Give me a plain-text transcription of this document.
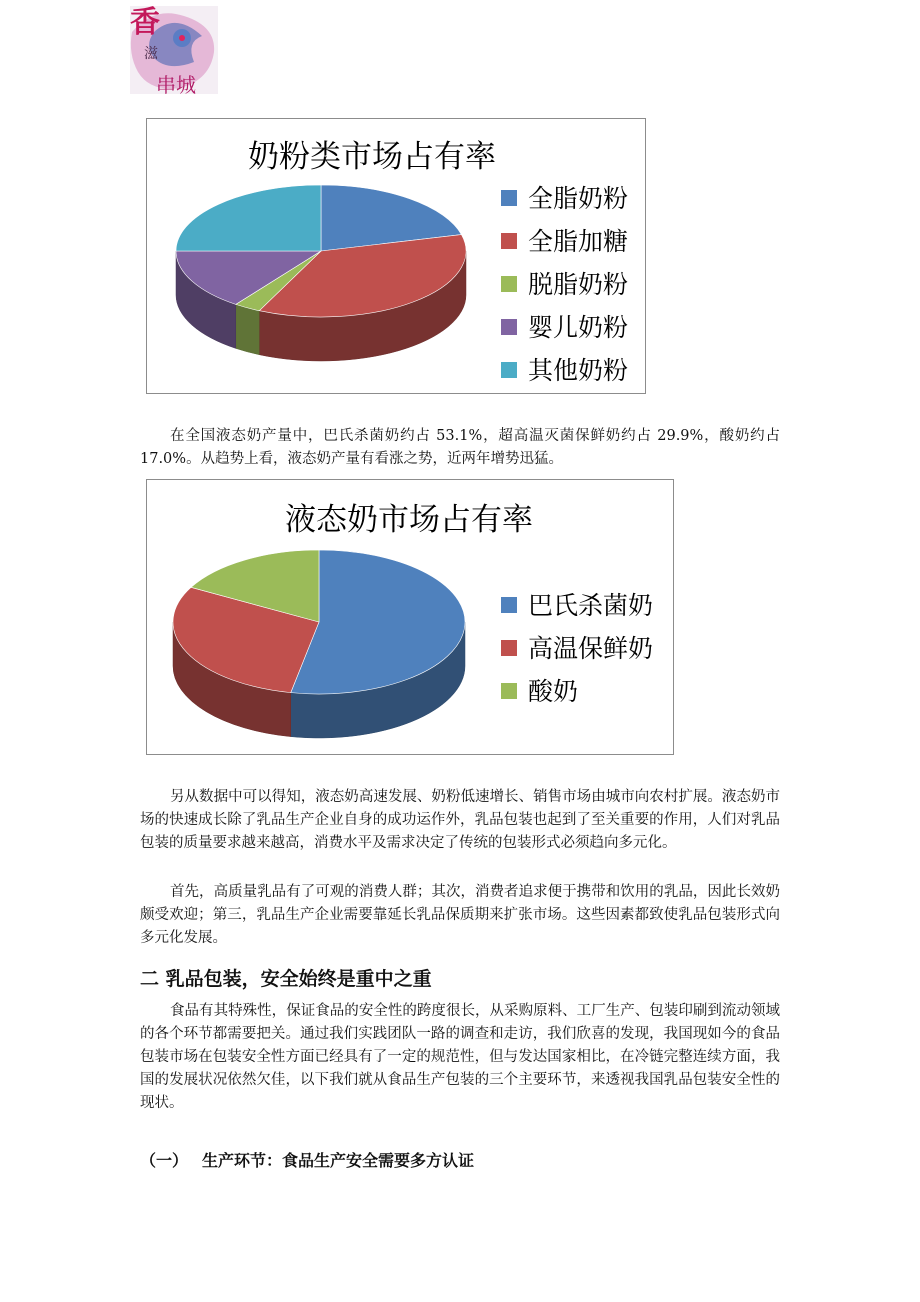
香
滋
串城
奶粉类市场占有率
全脂奶粉
全脂加糖
脱脂奶粉
婴儿奶粉
其他奶粉

在全国液态奶产量中，巴氏杀菌奶约占 53.1%，超高温灭菌保鲜奶约占 29.9%，酸奶约占 17.0%。从趋势上看，液态奶产量有看涨之势，近两年增势迅猛。

液态奶市场占有率
巴氏杀菌奶
高温保鲜奶
酸奶

另从数据中可以得知，液态奶高速发展、奶粉低速增长、销售市场由城市向农村扩展。液态奶市场的快速成长除了乳品生产企业自身的成功运作外，乳品包装也起到了至关重要的作用，人们对乳品包装的质量要求越来越高，消费水平及需求决定了传统的包装形式必须趋向多元化。

首先，高质量乳品有了可观的消费人群；其次，消费者追求便于携带和饮用的乳品，因此长效奶颇受欢迎；第三，乳品生产企业需要靠延长乳品保质期来扩张市场。这些因素都致使乳品包装形式向多元化发展。

二 乳品包装，安全始终是重中之重

食品有其特殊性，保证食品的安全性的跨度很长，从采购原料、工厂生产、包装印刷到流动领域的各个环节都需要把关。通过我们实践团队一路的调查和走访，我们欣喜的发现，我国现如今的食品包装市场在包装安全性方面已经具有了一定的规范性，但与发达国家相比，在冷链完整连续方面，我国的发展状况依然欠佳，以下我们就从食品生产包装的三个主要环节，来透视我国乳品包装安全性的现状。

（一） 生产环节：食品生产安全需要多方认证
